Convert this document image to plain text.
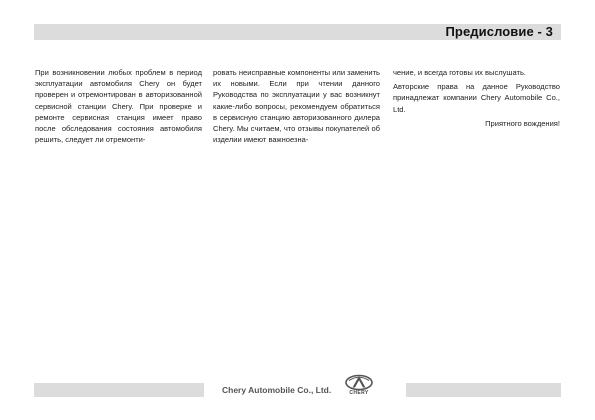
Предисловие - 3

При возникновении любых проблем в период эксплуатации автомобиля Chery он будет проверен и отремонтирован в авторизованной сервисной станции Chery. При проверке и ремонте сервисная станция имеет право после обследования состояния автомобиля решить, следует ли отремонти-

ровать неисправные компоненты или заменить их новыми. Если при чтении данного Руководства по эксплуатации у вас возникнут какие-либо вопросы, рекомендуем обратиться в сервисную станцию авторизованного дилера Chery. Мы считаем, что отзывы покупателей об изделии имеют важноезна-

чение, и всегда готовы их выслушать.

Авторские права на данное Руководство принадлежат компании Chery Automobile Co., Ltd.

Приятного вождения!

Chery Automobile Co., Ltd.	CHERY
